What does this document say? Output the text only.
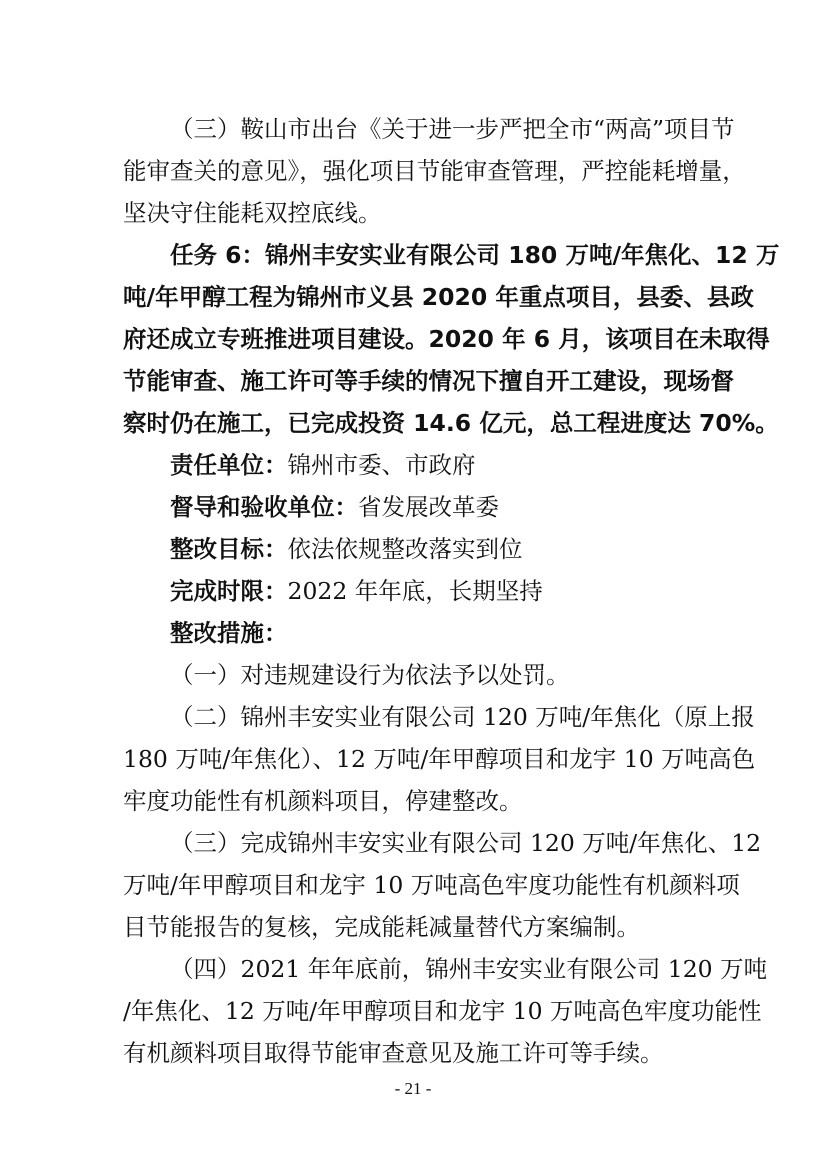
（三）鞍山市出台《关于进一步严把全市“两高”项目节
能审查关的意见》，强化项目节能审查管理，严控能耗增量，
坚决守住能耗双控底线。
任务 6：锦州丰安实业有限公司 180 万吨/年焦化、12 万
吨/年甲醇工程为锦州市义县 2020 年重点项目，县委、县政
府还成立专班推进项目建设。2020 年 6 月，该项目在未取得
节能审查、施工许可等手续的情况下擅自开工建设，现场督
察时仍在施工，已完成投资 14.6 亿元，总工程进度达 70%。
责任单位：锦州市委、市政府
督导和验收单位：省发展改革委
整改目标：依法依规整改落实到位
完成时限：2022 年年底，长期坚持
整改措施：
（一）对违规建设行为依法予以处罚。
（二）锦州丰安实业有限公司 120 万吨/年焦化（原上报
180 万吨/年焦化）、12 万吨/年甲醇项目和龙宇 10 万吨高色
牢度功能性有机颜料项目，停建整改。
（三）完成锦州丰安实业有限公司 120 万吨/年焦化、12
万吨/年甲醇项目和龙宇 10 万吨高色牢度功能性有机颜料项
目节能报告的复核，完成能耗减量替代方案编制。
（四）2021 年年底前，锦州丰安实业有限公司 120 万吨
/年焦化、12 万吨/年甲醇项目和龙宇 10 万吨高色牢度功能性
有机颜料项目取得节能审查意见及施工许可等手续。
- 21 -
